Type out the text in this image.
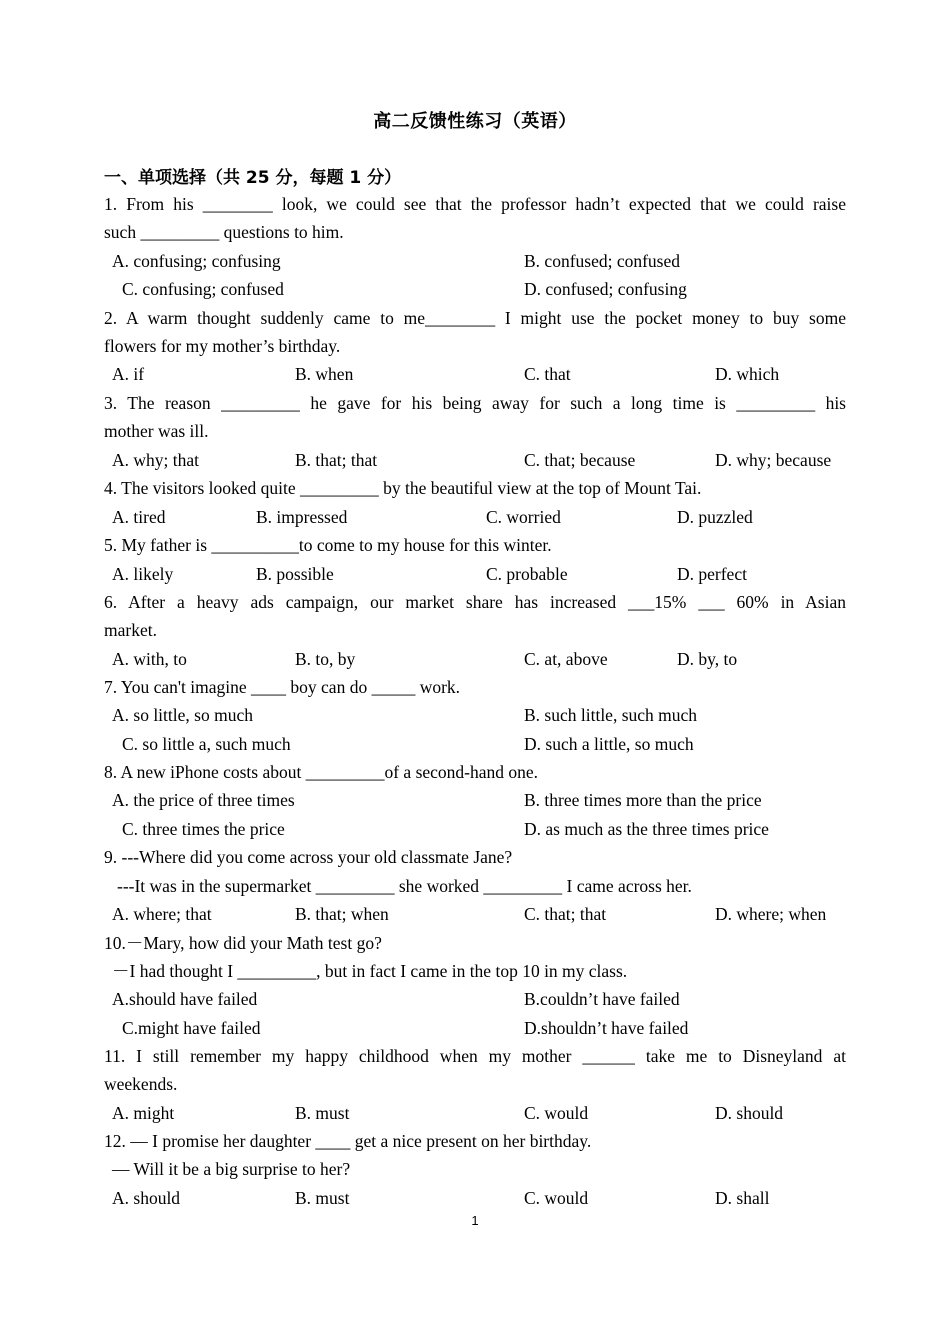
高二反馈性练习（英语）
一、单项选择（共 25 分，每题 1 分）
1. From his ________ look, we could see that the professor hadn’t expected that we could raise
such _________ questions to him.
A. confusing; confusing	B. confused; confused
C. confusing; confused	D. confused; confusing
2. A warm thought suddenly came to me________ I might use the pocket money to buy some
flowers for my mother’s birthday.
A. if	B. when	C. that	D. which
3. The reason _________ he gave for his being away for such a long time is _________ his
mother was ill.
A. why; that	B. that; that	C. that; because	D. why; because
4. The visitors looked quite _________ by the beautiful view at the top of Mount Tai.
A. tired	B. impressed	C. worried	D. puzzled
5. My father is __________to come to my house for this winter.
A. likely	B. possible	C. probable	D. perfect
6. After a heavy ads campaign, our market share has increased ___15% ___ 60% in Asian
market.
A. with, to	B. to, by	C. at, above	D. by, to
7. You can't imagine ____ boy can do _____ work.
A. so little, so much	B. such little, such much
C. so little a, such much	D. such a little, so much
8. A new iPhone costs about _________of a second-hand one.
A. the price of three times	B. three times more than the price
C. three times the price	D. as much as the three times price
9. ---Where did you come across your old classmate Jane?
---It was in the supermarket _________ she worked _________ I came across her.
A. where; that	B. that; when	C. that; that	D. where; when
10.－Mary, how did your Math test go?
－I had thought I _________, but in fact I came in the top 10 in my class.
A.should have failed	B.couldn’t have failed
C.might have failed	D.shouldn’t have failed
11. I still remember my happy childhood when my mother ______ take me to Disneyland at
weekends.
A. might	B. must	C. would	D. should
12. — I promise her daughter ____ get a nice present on her birthday.
— Will it be a big surprise to her?
A. should	B. must	C. would	D. shall
1
